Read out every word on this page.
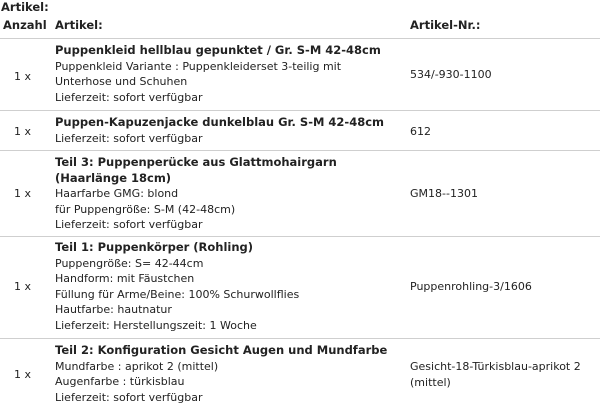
Artikel:
Anzahl Artikel:	Artikel-Nr.:
1 x
Puppenkleid hellblau gepunktet / Gr. S-M 42-48cm
Puppenkleid Variante : Puppenkleiderset 3-teilig mit
Unterhose und Schuhen
Lieferzeit: sofort verfügbar
534/-930-1100
1 x
Puppen-Kapuzenjacke dunkelblau Gr. S-M 42-48cm
Lieferzeit: sofort verfügbar	612
1 x
Teil 3: Puppenperücke aus Glattmohairgarn (Haarlänge 18cm)
Haarfarbe GMG: blond
für Puppengröße: S-M (42-48cm)
Lieferzeit: sofort verfügbar
GM18--1301
1 x
Teil 1: Puppenkörper (Rohling)
Puppengröße: S= 42-44cm
Handform: mit Fäustchen
Füllung für Arme/Beine: 100% Schurwollflies
Hautfarbe: hautnatur
Lieferzeit: Herstellungszeit: 1 Woche
Puppenrohling-3/1606
1 x
Teil 2: Konfiguration Gesicht Augen und Mundfarbe
Mundfarbe : aprikot 2 (mittel)
Augenfarbe : türkisblau
Lieferzeit: sofort verfügbar
Gesicht-18-Türkisblau-aprikot 2 (mittel)
